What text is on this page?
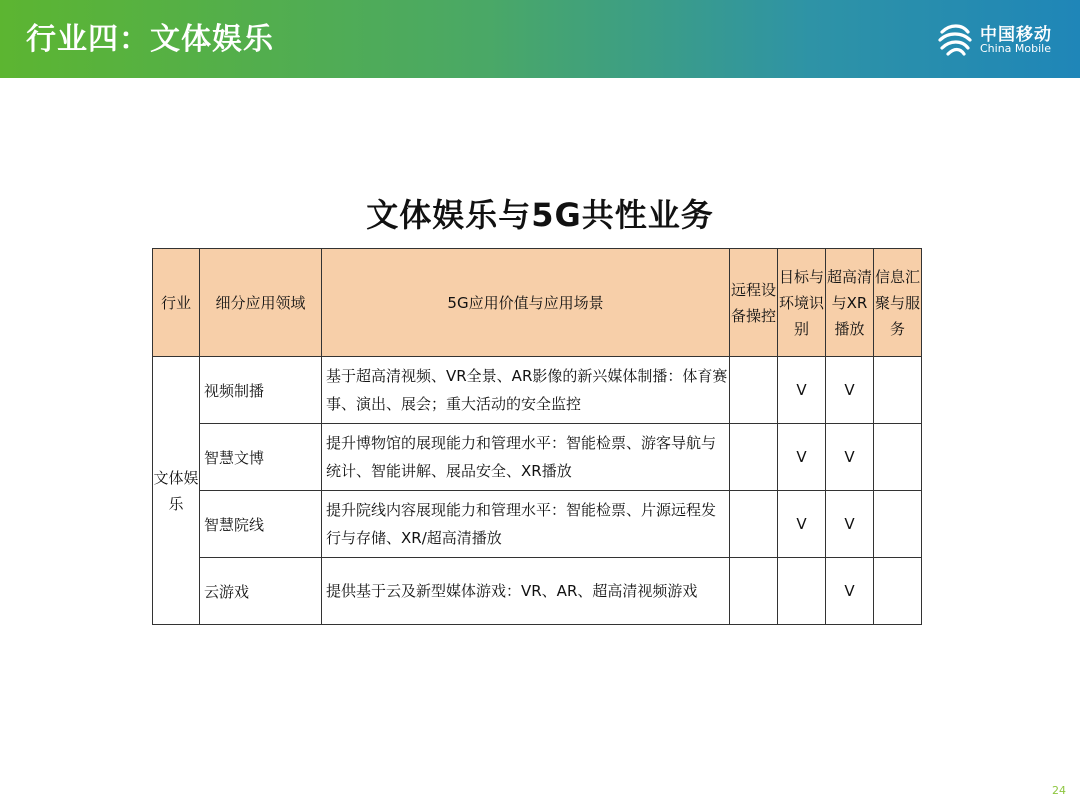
行业四：文体娱乐	中国移动
China Mobile
文体娱乐与5G共性业务
行业	细分应用领域	5G应用价值与应用场景	远程设备操控	目标与环境识别	超高清与XR播放	信息汇聚与服务
文体娱乐	视频制播	基于超高清视频、VR全景、AR影像的新兴媒体制播：体育赛事、演出、展会；重大活动的安全监控		V	V	
	智慧文博	提升博物馆的展现能力和管理水平：智能检票、游客导航与统计、智能讲解、展品安全、XR播放		V	V	
	智慧院线	提升院线内容展现能力和管理水平：智能检票、片源远程发行与存储、XR/超高清播放		V	V	
	云游戏	提供基于云及新型媒体游戏：VR、AR、超高清视频游戏			V	
24
